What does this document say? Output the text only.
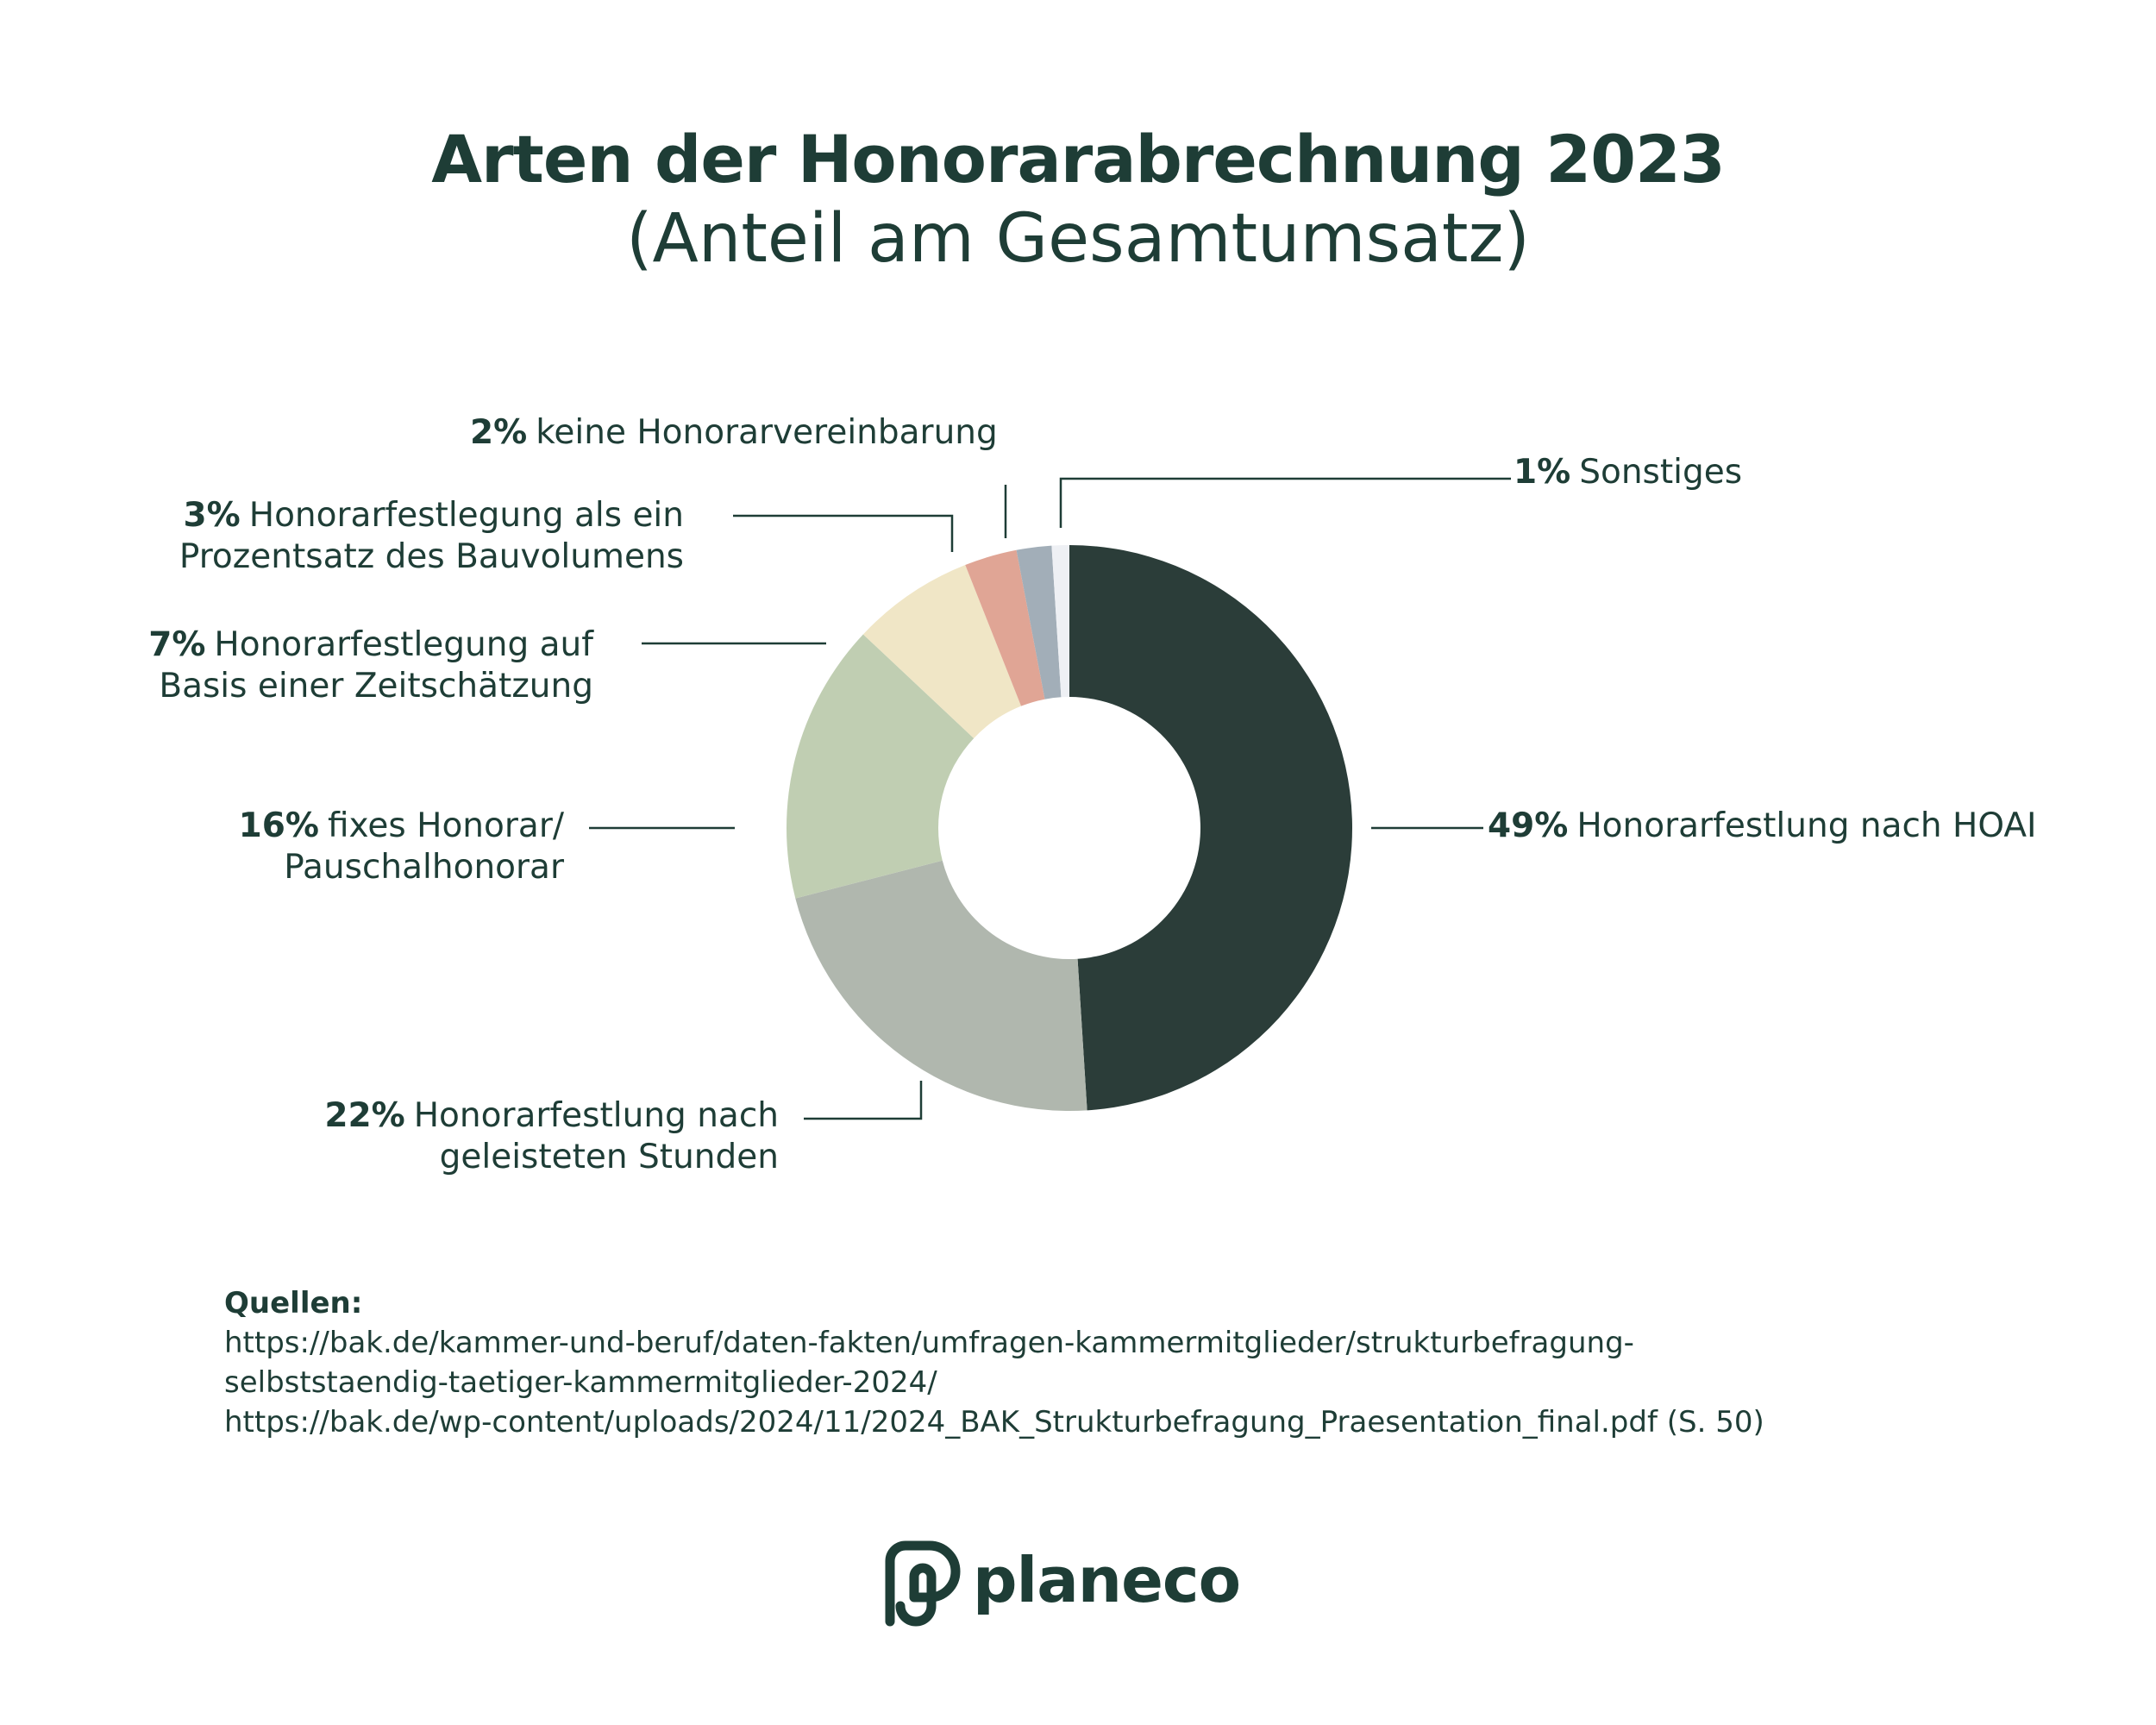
Arten der Honorarabrechnung 2023
(Anteil am Gesamtumsatz)
49% Honorarfestlung nach HOAI
22% Honorarfestlung nach
geleisteten Stunden
16% fixes Honorar/
Pauschalhonorar
7% Honorarfestlegung auf
Basis einer Zeitschätzung
3% Honorarfestlegung als ein
Prozentsatz des Bauvolumens
2% keine Honorarvereinbarung
1% Sonstiges
Quellen:
https://bak.de/kammer-und-beruf/daten-fakten/umfragen-kammermitglieder/strukturbefragung-
selbststaendig-taetiger-kammermitglieder-2024/
https://bak.de/wp-content/uploads/2024/11/2024_BAK_Strukturbefragung_Praesentation_final.pdf (S. 50)
planeco
